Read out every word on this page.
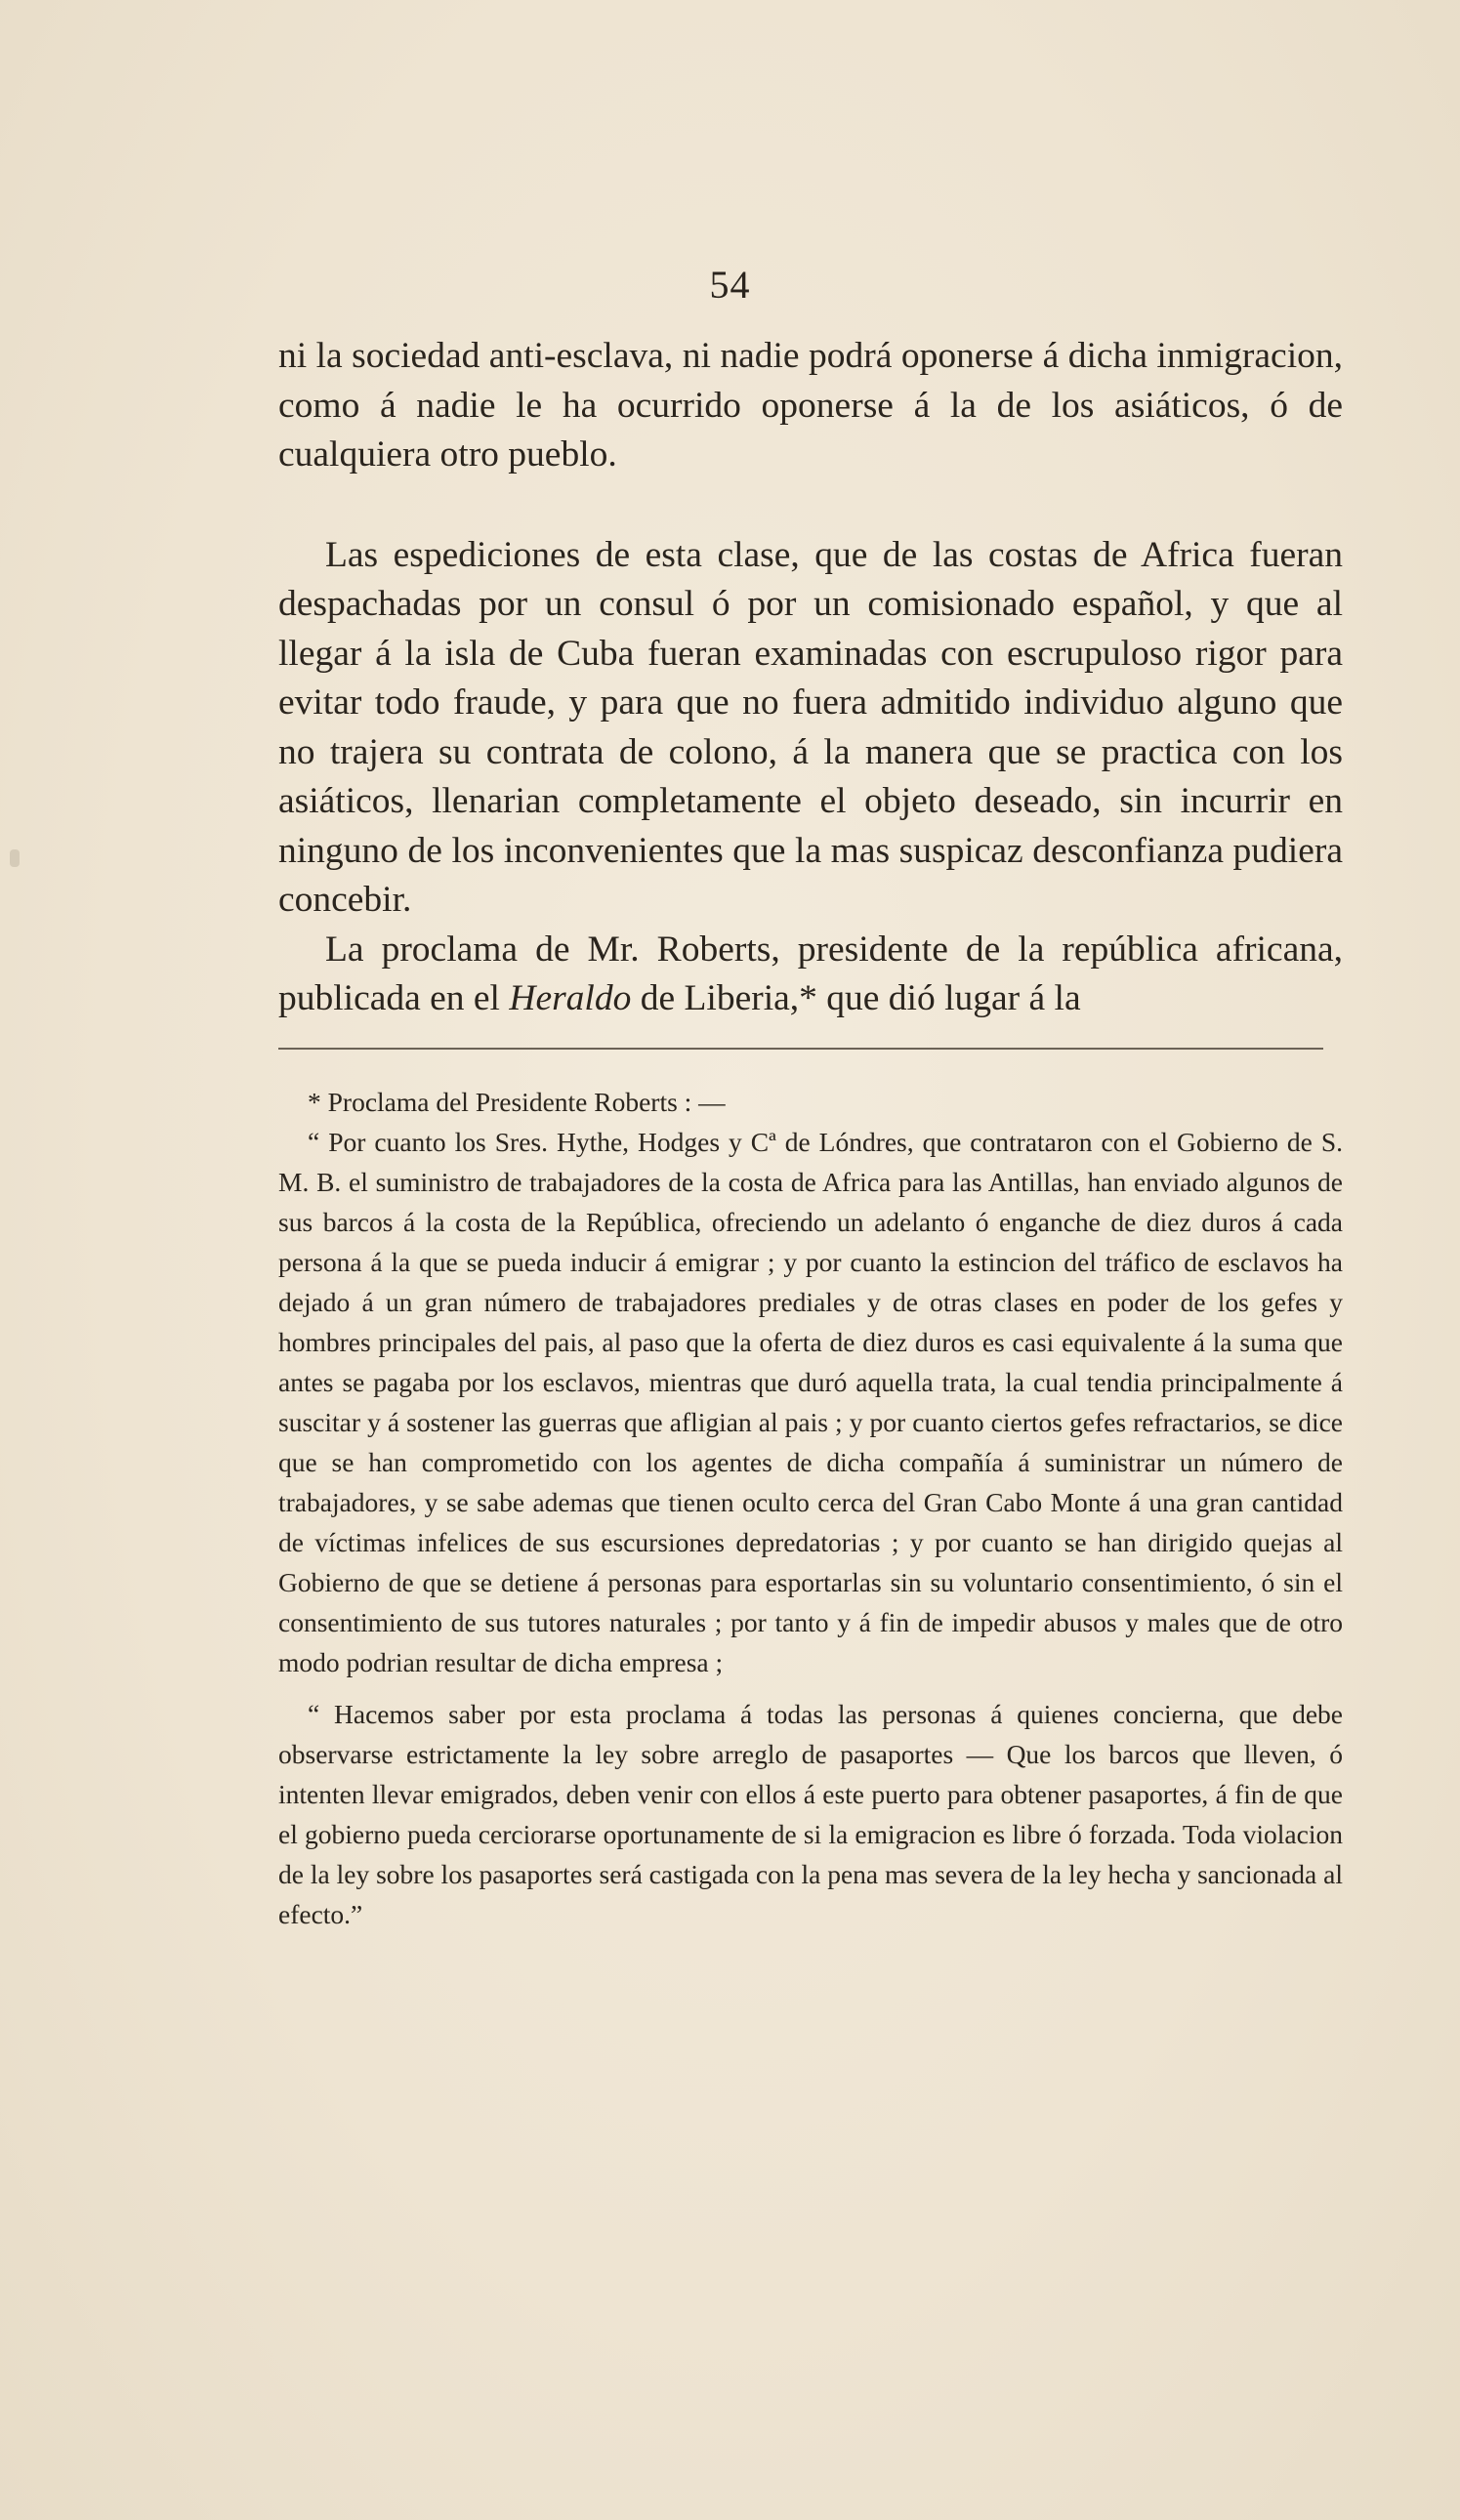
54

ni la sociedad anti-esclava, ni nadie podrá oponerse á dicha inmigracion, como á nadie le ha ocurrido oponerse á la de los asiáticos, ó de cualquiera otro pueblo.

Las espediciones de esta clase, que de las costas de Africa fueran despachadas por un consul ó por un comisionado español, y que al llegar á la isla de Cuba fueran examinadas con escrupuloso rigor para evitar todo fraude, y para que no fuera admitido individuo alguno que no trajera su contrata de colono, á la manera que se practica con los asiáticos, llenarian completamente el objeto deseado, sin incurrir en ninguno de los inconvenientes que la mas suspicaz desconfianza pudiera concebir.

La proclama de Mr. Roberts, presidente de la república africana, publicada en el Heraldo de Liberia,* que dió lugar á la

* Proclama del Presidente Roberts : —

“ Por cuanto los Sres. Hythe, Hodges y Cª de Lóndres, que contrataron con el Gobierno de S. M. B. el suministro de trabajadores de la costa de Africa para las Antillas, han enviado algunos de sus barcos á la costa de la República, ofreciendo un adelanto ó enganche de diez duros á cada persona á la que se pueda inducir á emigrar ; y por cuanto la estincion del tráfico de esclavos ha dejado á un gran número de trabajadores prediales y de otras clases en poder de los gefes y hombres principales del pais, al paso que la oferta de diez duros es casi equivalente á la suma que antes se pagaba por los esclavos, mientras que duró aquella trata, la cual tendia principalmente á suscitar y á sostener las guerras que afligian al pais ; y por cuanto ciertos gefes refractarios, se dice que se han comprometido con los agentes de dicha compañía á suministrar un número de trabajadores, y se sabe ademas que tienen oculto cerca del Gran Cabo Monte á una gran cantidad de víctimas infelices de sus escursiones depredatorias ; y por cuanto se han dirigido quejas al Gobierno de que se detiene á personas para esportarlas sin su voluntario consentimiento, ó sin el consentimiento de sus tutores naturales ; por tanto y á fin de impedir abusos y males que de otro modo podrian resultar de dicha empresa ;

“ Hacemos saber por esta proclama á todas las personas á quienes concierna, que debe observarse estrictamente la ley sobre arreglo de pasaportes — Que los barcos que lleven, ó intenten llevar emigrados, deben venir con ellos á este puerto para obtener pasaportes, á fin de que el gobierno pueda cerciorarse oportunamente de si la emigracion es libre ó forzada. Toda violacion de la ley sobre los pasaportes será castigada con la pena mas severa de la ley hecha y sancionada al efecto.”
